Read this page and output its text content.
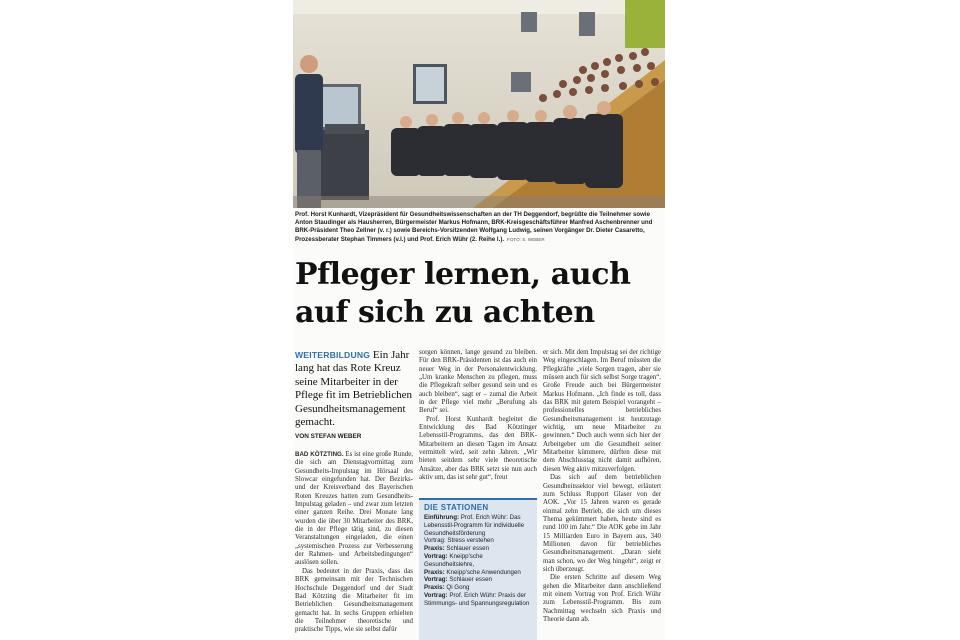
Prof. Horst Kunhardt, Vizepräsident für Gesundheitswissenschaften an der TH Deggendorf, begrüßte die Teilnehmer sowie Anton Staudinger als Hausherren, Bürgermeister Markus Hofmann, BRK-Kreisgeschäftsführer Manfred Aschenbrenner und BRK-Präsident Theo Zellner (v. r.) sowie Bereichs-Vorsitzenden Wolfgang Ludwig, seinen Vorgänger Dr. Dieter Casaretto, Prozessberater Stephan Timmers (v.l.) und Prof. Erich Wühr (2. Reihe l.). FOTO: S. WEBER
Pfleger lernen, auch auf sich zu achten
WEITERBILDUNG Ein Jahr lang hat das Rote Kreuz seine Mitarbeiter in der Pflege fit im Betrieblichen Gesundheitsmanagement gemacht.
VON STEFAN WEBER

BAD KÖTZTING. Es ist eine große Runde, die sich am Dienstagvormittag zum Gesundheits-Impulstag im Hörsaal des Slowcar eingefunden hat. Der Bezirks- und der Kreisverband des Bayerischen Roten Kreuzes hatten zum Gesundheits-Impulstag geladen – und zwar zum letzten einer ganzen Reihe. Drei Monate lang wurden die über 30 Mitarbeiter des BRK, die in der Pflege tätig sind, zu diesen Veranstaltungen eingeladen, die einen „systemischen Prozess zur Verbesserung der Rahmen- und Arbeitsbedingungen“ auslösen sollen.

Das bedeutet in der Praxis, dass das BRK gemeinsam mit der Technischen Hochschule Deggendorf und der Stadt Bad Kötzting die Mitarbeiter fit im Betrieblichen Gesundheitsmanagement gemacht hat. In sechs Gruppen erhielten die Teilnehmer theoretische und praktische Tipps, wie sie selbst dafür

sorgen können, lange gesund zu bleiben. Für den BRK-Präsidenten ist das auch ein neuer Weg in der Personalentwicklung. „Um kranke Menschen zu pflegen, muss die Pflegekraft selber gesund sein und es auch bleiben“, sagt er – zumal die Arbeit in der Pflege viel mehr „Berufung als Beruf“ sei.

Prof. Horst Kunhardt begleitet die Entwicklung des Bad Kötztinger Lebensstil-Programms, das den BRK-Mitarbeitern an diesen Tagen im Ansatz vermittelt wird, seit zehn Jahren. „Wir bieten seitdem sehr viele theoretische Ansätze, aber das BRK setzt sie nun auch aktiv um, das ist sehr gut“, freut

DIE STATIONEN
Einführung: Prof. Erich Wühr: Das Lebensstil-Programm für individuelle Gesundheitsförderung
Vortrag: Stress verstehen
Praxis: Schlauer essen
Vortrag: Kneipp'sche Gesundheitslehre,
Praxis: Kneipp'sche Anwendungen
Vortrag: Schlauer essen
Praxis: Qi Gong
Vortrag: Prof. Erich Wühr: Praxis der Stimmungs- und Spannungsregulation

er sich. Mit dem Impulstag sei der richtige Weg eingeschlagen. Im Beruf müssten die Pflegkräfte „viele Sorgen tragen, aber sie müssen auch für sich selbst Sorge tragen“. Große Freude auch bei Bürgermeister Markus Hofmann. „Ich finde es toll, dass das BRK mit gutem Beispiel vorangeht – professionelles betriebliches Gesundheitsmanagement ist heutzutage wichtig, um neue Mitarbeiter zu gewinnen.“ Doch auch wenn sich hier der Arbeitgeber um die Gesundheit seiner Mitarbeiter kümmere, dürften diese mit dem Abschlusstag nicht damit aufhören, diesen Weg aktiv mitzuverfolgen.

Das sich auf dem betrieblichen Gesundheitssektor viel bewegt, erläutert zum Schluss Rupport Glaser von der AOK. „Vor 15 Jahren waren es gerade einmal zehn Betrieb, die sich um dieses Thema gekümmert haben, heute sind es rund 100 im Jahr.“ Die AOK gebe im Jahr 15 Milliarden Euro in Bayern aus, 340 Millionen davon für betriebliches Gesundheitsmanagement. „Daran sieht man schon, wo der Weg hingeht“, zeigt er sich überzeugt.

Die ersten Schritte auf diesem Weg gehen die Mitarbeiter dann anschließend mit einem Vortrag von Prof. Erich Wühr zum Lebensstil-Programm. Bis zum Nachmittag wechseln sich Praxis und Theorie dann ab.
